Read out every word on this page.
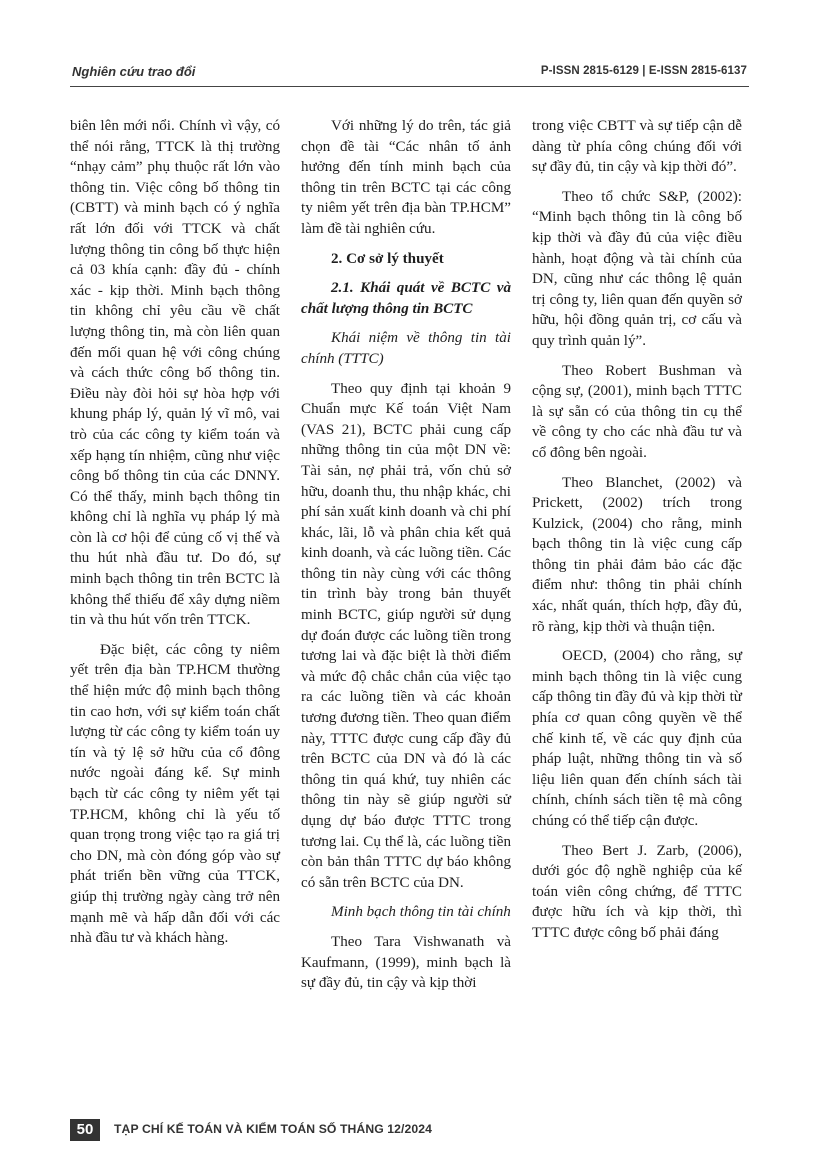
Nghiên cứu trao đổi	P-ISSN 2815-6129 | E-ISSN 2815-6137

biên lên mới nổi. Chính vì vậy, có thể nói rằng, TTCK là thị trường “nhạy cảm” phụ thuộc rất lớn vào thông tin. Việc công bố thông tin (CBTT) và minh bạch có ý nghĩa rất lớn đối với TTCK và chất lượng thông tin công bố thực hiện cả 03 khía cạnh: đầy đủ - chính xác - kịp thời. Minh bạch thông tin không chỉ yêu cầu về chất lượng thông tin, mà còn liên quan đến mối quan hệ với công chúng và cách thức công bố thông tin. Điều này đòi hỏi sự hòa hợp với khung pháp lý, quản lý vĩ mô, vai trò của các công ty kiểm toán và xếp hạng tín nhiệm, cũng như việc công bố thông tin của các DNNY. Có thể thấy, minh bạch thông tin không chỉ là nghĩa vụ pháp lý mà còn là cơ hội để củng cố vị thế và thu hút nhà đầu tư. Do đó, sự minh bạch thông tin trên BCTC là không thể thiếu để xây dựng niềm tin và thu hút vốn trên TTCK.

Đặc biệt, các công ty niêm yết trên địa bàn TP.HCM thường thể hiện mức độ minh bạch thông tin cao hơn, với sự kiểm toán chất lượng từ các công ty kiểm toán uy tín và tỷ lệ sở hữu của cổ đông nước ngoài đáng kể. Sự minh bạch từ các công ty niêm yết tại TP.HCM, không chỉ là yếu tố quan trọng trong việc tạo ra giá trị cho DN, mà còn đóng góp vào sự phát triển bền vững của TTCK, giúp thị trường ngày càng trở nên mạnh mẽ và hấp dẫn đối với các nhà đầu tư và khách hàng.

Với những lý do trên, tác giả chọn đề tài “Các nhân tố ảnh hưởng đến tính minh bạch của thông tin trên BCTC tại các công ty niêm yết trên địa bàn TP.HCM” làm đề tài nghiên cứu.

2. Cơ sở lý thuyết

2.1. Khái quát về BCTC và chất lượng thông tin BCTC

Khái niệm về thông tin tài chính (TTTC)

Theo quy định tại khoản 9 Chuẩn mực Kế toán Việt Nam (VAS 21), BCTC phải cung cấp những thông tin của một DN về: Tài sản, nợ phải trả, vốn chủ sở hữu, doanh thu, thu nhập khác, chi phí sản xuất kinh doanh và chi phí khác, lãi, lỗ và phân chia kết quả kinh doanh, và các luồng tiền. Các thông tin này cùng với các thông tin trình bày trong bản thuyết minh BCTC, giúp người sử dụng dự đoán được các luồng tiền trong tương lai và đặc biệt là thời điểm và mức độ chắc chắn của việc tạo ra các luồng tiền và các khoản tương đương tiền. Theo quan điểm này, TTTC được cung cấp đầy đủ trên BCTC của DN và đó là các thông tin quá khứ, tuy nhiên các thông tin này sẽ giúp người sử dụng dự báo được TTTC trong tương lai. Cụ thể là, các luồng tiền còn bản thân TTTC dự báo không có sẵn trên BCTC của DN.

Minh bạch thông tin tài chính

Theo Tara Vishwanath và Kaufmann, (1999), minh bạch là sự đầy đủ, tin cậy và kịp thời

trong việc CBTT và sự tiếp cận dễ dàng từ phía công chúng đối với sự đầy đủ, tin cậy và kịp thời đó”.

Theo tổ chức S&P, (2002): “Minh bạch thông tin là công bố kịp thời và đầy đủ của việc điều hành, hoạt động và tài chính của DN, cũng như các thông lệ quản trị công ty, liên quan đến quyền sở hữu, hội đồng quản trị, cơ cấu và quy trình quản lý”.

Theo Robert Bushman và cộng sự, (2001), minh bạch TTTC là sự sẵn có của thông tin cụ thể về công ty cho các nhà đầu tư và cổ đông bên ngoài.

Theo Blanchet, (2002) và Prickett, (2002) trích trong Kulzick, (2004) cho rằng, minh bạch thông tin là việc cung cấp thông tin phải đảm bảo các đặc điểm như: thông tin phải chính xác, nhất quán, thích hợp, đầy đủ, rõ ràng, kịp thời và thuận tiện.

OECD, (2004) cho rằng, sự minh bạch thông tin là việc cung cấp thông tin đầy đủ và kịp thời từ phía cơ quan công quyền về thể chế kinh tế, về các quy định của pháp luật, những thông tin và số liệu liên quan đến chính sách tài chính, chính sách tiền tệ mà công chúng có thể tiếp cận được.

Theo Bert J. Zarb, (2006), dưới góc độ nghề nghiệp của kế toán viên công chứng, để TTTC được hữu ích và kịp thời, thì TTTC được công bố phải đáng

50	TẠP CHÍ KẾ TOÁN VÀ KIỂM TOÁN SỐ THÁNG 12/2024
